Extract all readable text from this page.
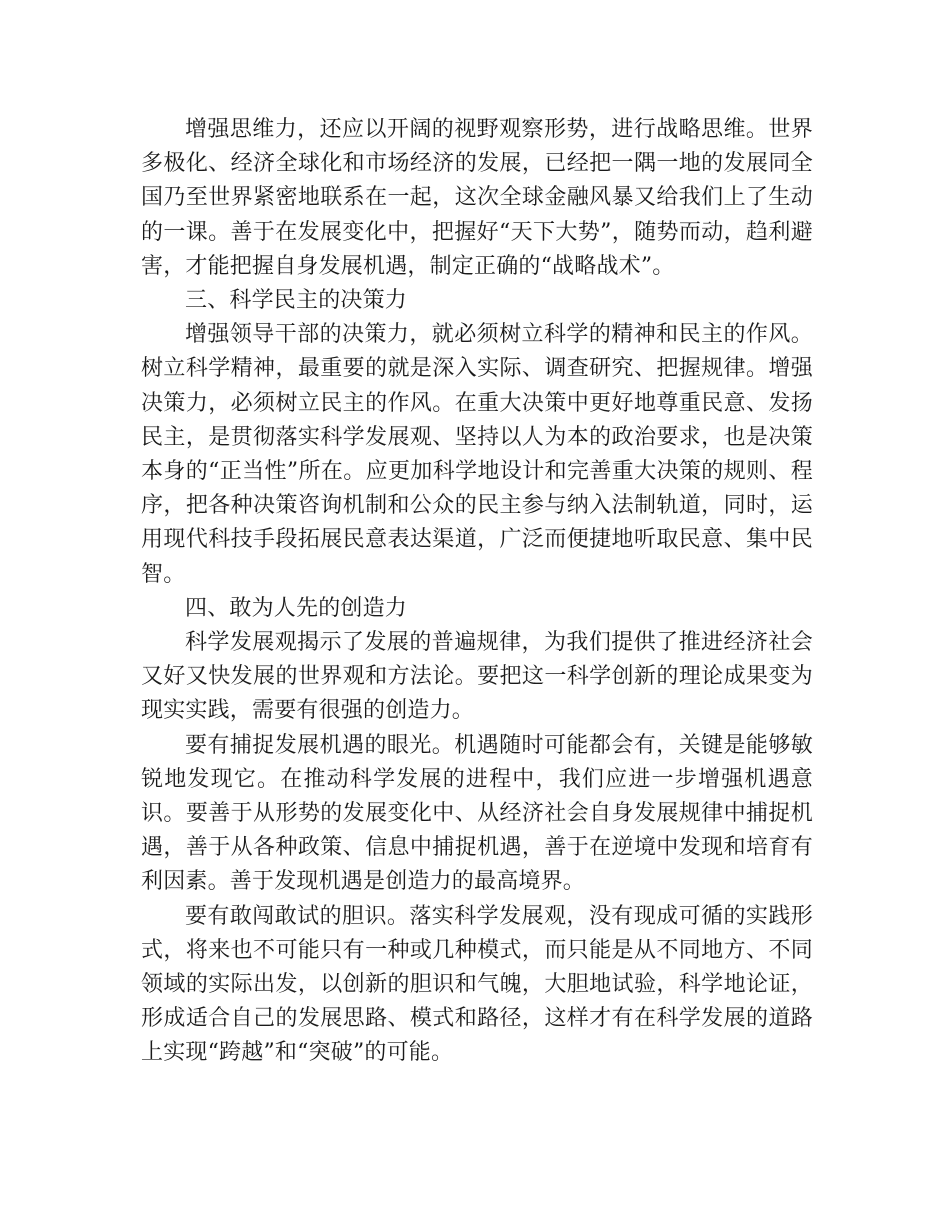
增强思维力，还应以开阔的视野观察形势，进行战略思维。世界多极化、经济全球化和市场经济的发展，已经把一隅一地的发展同全国乃至世界紧密地联系在一起，这次全球金融风暴又给我们上了生动的一课。善于在发展变化中，把握好“天下大势”，随势而动，趋利避害，才能把握自身发展机遇，制定正确的“战略战术”。

三、科学民主的决策力

增强领导干部的决策力，就必须树立科学的精神和民主的作风。树立科学精神，最重要的就是深入实际、调查研究、把握规律。增强决策力，必须树立民主的作风。在重大决策中更好地尊重民意、发扬民主，是贯彻落实科学发展观、坚持以人为本的政治要求，也是决策本身的“正当性”所在。应更加科学地设计和完善重大决策的规则、程序，把各种决策咨询机制和公众的民主参与纳入法制轨道，同时，运用现代科技手段拓展民意表达渠道，广泛而便捷地听取民意、集中民智。

四、敢为人先的创造力

科学发展观揭示了发展的普遍规律，为我们提供了推进经济社会又好又快发展的世界观和方法论。要把这一科学创新的理论成果变为现实实践，需要有很强的创造力。

要有捕捉发展机遇的眼光。机遇随时可能都会有，关键是能够敏锐地发现它。在推动科学发展的进程中，我们应进一步增强机遇意识。要善于从形势的发展变化中、从经济社会自身发展规律中捕捉机遇，善于从各种政策、信息中捕捉机遇，善于在逆境中发现和培育有利因素。善于发现机遇是创造力的最高境界。

要有敢闯敢试的胆识。落实科学发展观，没有现成可循的实践形式，将来也不可能只有一种或几种模式，而只能是从不同地方、不同领域的实际出发，以创新的胆识和气魄，大胆地试验，科学地论证，形成适合自己的发展思路、模式和路径，这样才有在科学发展的道路上实现“跨越”和“突破”的可能。
